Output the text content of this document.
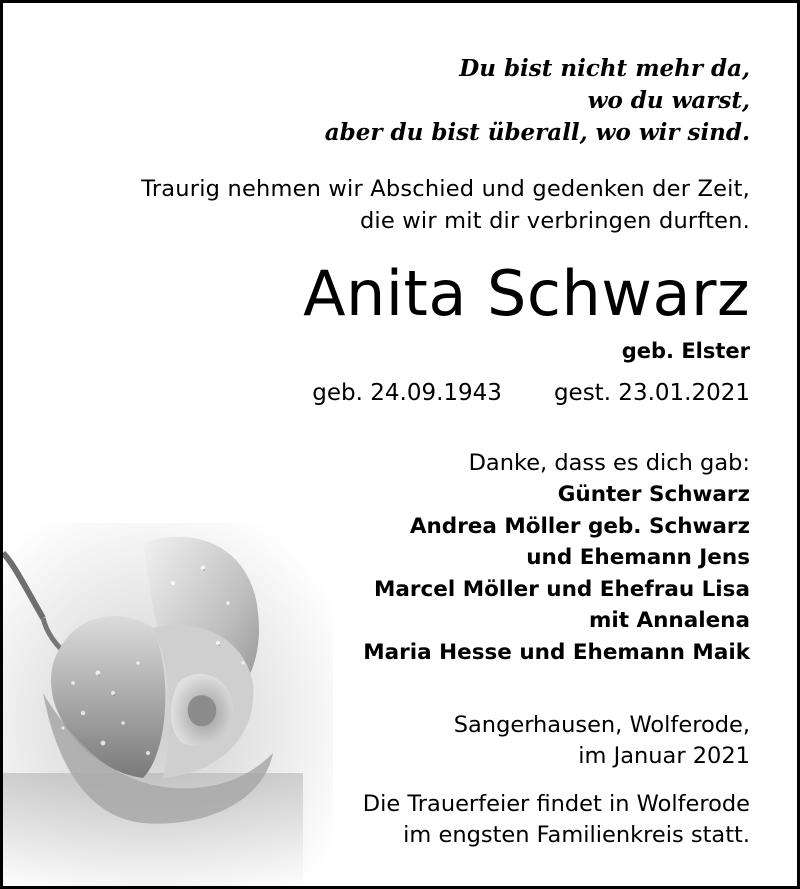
Du bist nicht mehr da,
wo du warst,
aber du bist überall, wo wir sind.
Traurig nehmen wir Abschied und gedenken der Zeit,
die wir mit dir verbringen durften.
Anita Schwarz
geb. Elster
geb. 24.09.1943 gest. 23.01.2021
Danke, dass es dich gab:
Günter Schwarz
Andrea Möller geb. Schwarz
und Ehemann Jens
Marcel Möller und Ehefrau Lisa
mit Annalena
Maria Hesse und Ehemann Maik
Sangerhausen, Wolferode,
im Januar 2021
Die Trauerfeier findet in Wolferode
im engsten Familienkreis statt.
